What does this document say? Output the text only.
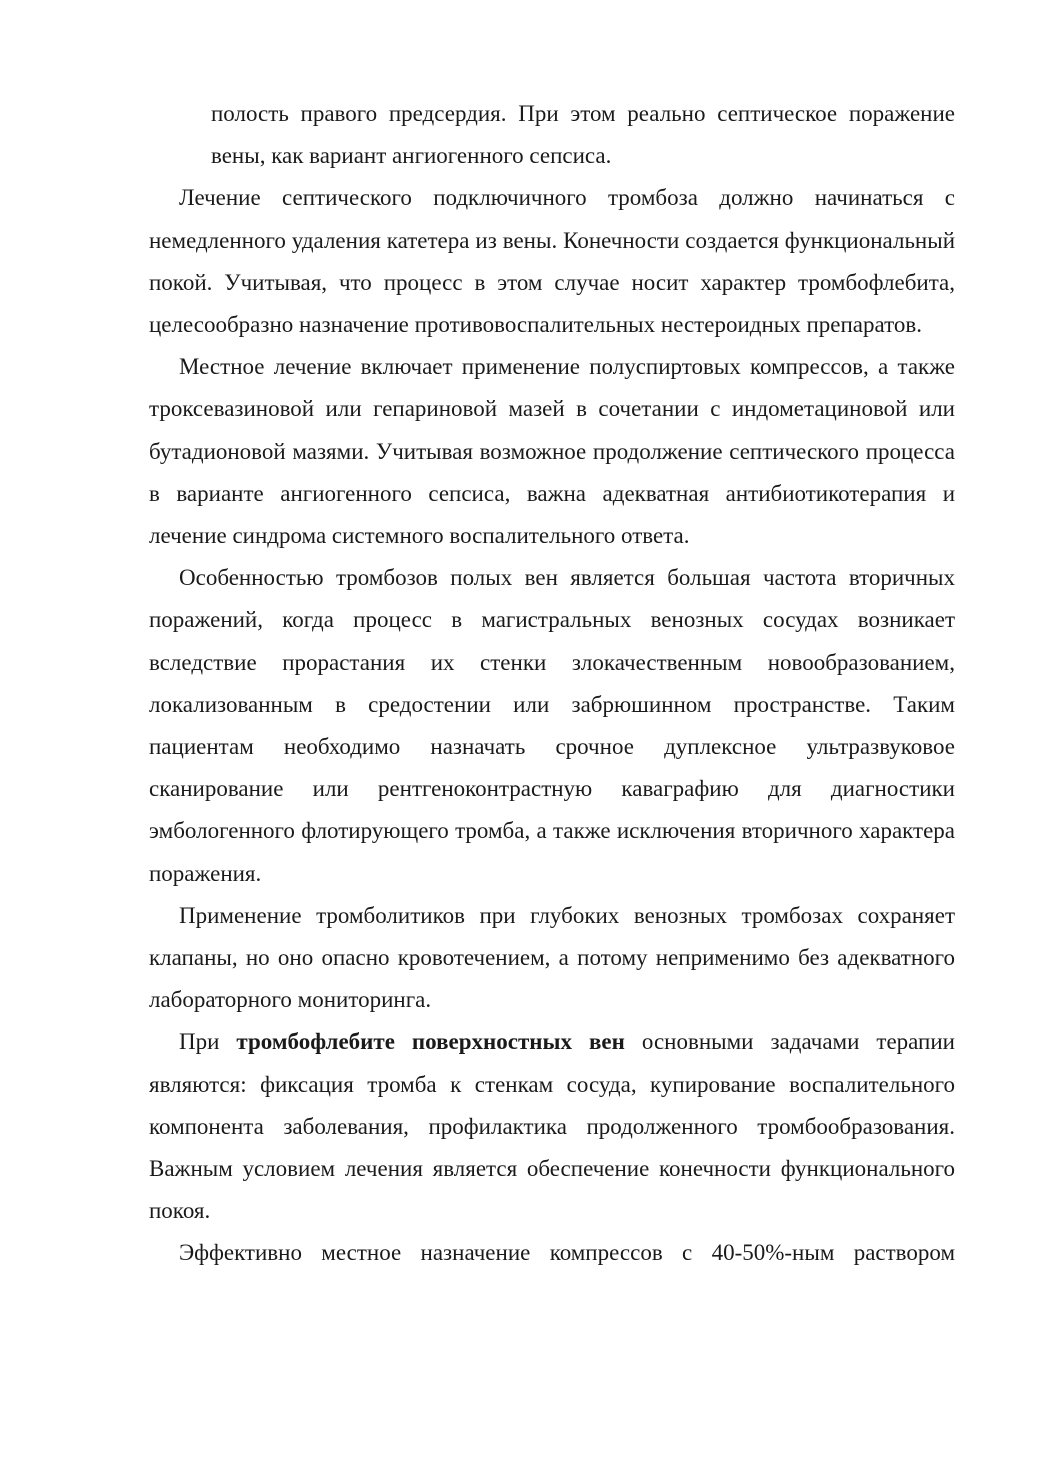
полость правого предсердия. При этом реально септическое поражение вены, как вариант ангиогенного сепсиса.

Лечение септического подключичного тромбоза должно начинаться с немедленного удаления катетера из вены. Конечности создается функциональный покой. Учитывая, что процесс в этом случае носит характер тромбофлебита, целесообразно назначение противовоспалительных нестероидных препаратов.

Местное лечение включает применение полуспиртовых компрессов, а также троксевазиновой или гепариновой мазей в сочетании с индометациновой или бутадионовой мазями. Учитывая возможное продолжение септического процесса в варианте ангиогенного сепсиса, важна адекватная антибиотикотерапия и лечение синдрома системного воспалительного ответа.

Особенностью тромбозов полых вен является большая частота вторичных поражений, когда процесс в магистральных венозных сосудах возникает вследствие прорастания их стенки злокачественным новообразованием, локализованным в средостении или забрюшинном пространстве. Таким пациентам необходимо назначать срочное дуплексное ультразвуковое сканирование или рентгеноконтрастную каваграфию для диагностики эмбологенного флотирующего тромба, а также исключения вторичного характера поражения.

Применение тромболитиков при глубоких венозных тромбозах сохраняет клапаны, но оно опасно кровотечением, а потому неприменимо без адекватного лабораторного мониторинга.

При тромбофлебите поверхностных вен основными задачами терапии являются: фиксация тромба к стенкам сосуда, купирование воспалительного компонента заболевания, профилактика продолженного тромбообразования. Важным условием лечения является обеспечение конечности функционального покоя.

Эффективно местное назначение компрессов с 40-50%-ным раствором
